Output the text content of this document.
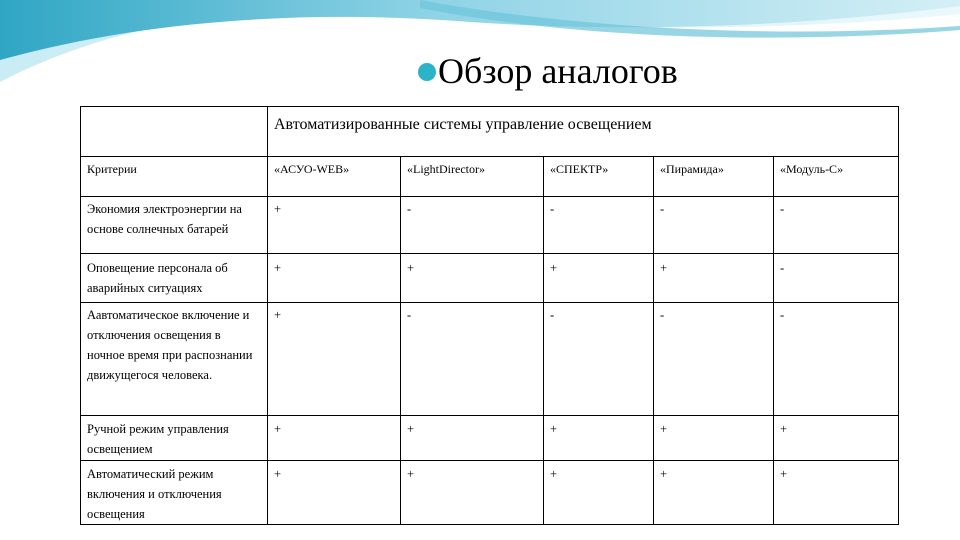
Обзор аналогов
	Автоматизированные системы управление освещением				
Критерии	«АСУО-WEB»	«LightDirector»	«СПЕКТР»	«Пирамида»	«Модуль-С»
Экономия электроэнергии на основе солнечных батарей	+	-	-	-	-
Оповещение персонала об аварийных ситуациях	+	+	+	+	-
Аавтоматическое включение и отключения освещения в ночное время при распознании движущегося человека.	+	-	-	-	-
Ручной режим управления освещением	+	+	+	+	+
Автоматический режим включения и отключения освещения	+	+	+	+	+
